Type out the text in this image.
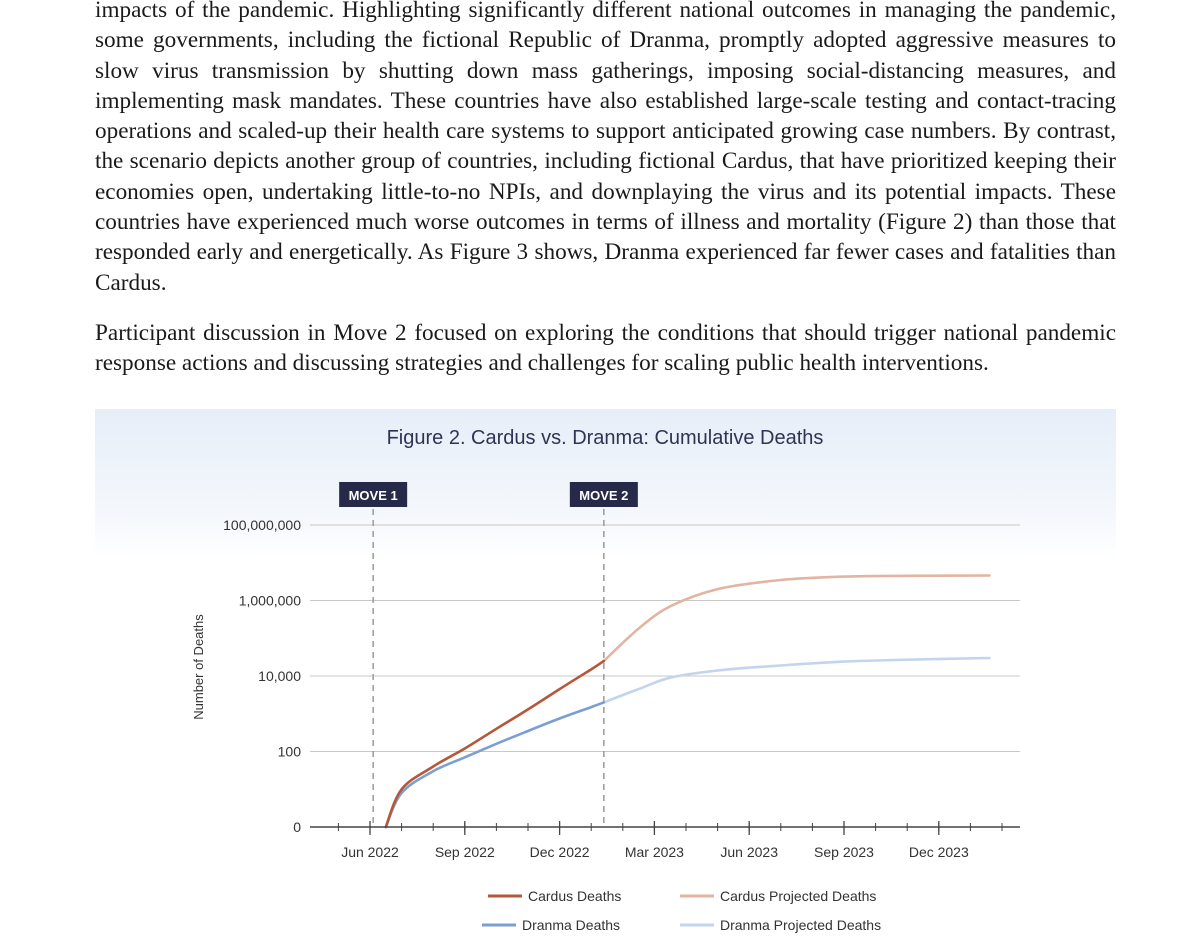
impacts of the pandemic. Highlighting significantly different national outcomes in managing the pandemic, some governments, including the fictional Republic of Dranma, promptly adopted aggressive measures to slow virus transmission by shutting down mass gatherings, imposing social-distancing measures, and implementing mask mandates. These countries have also established large-scale testing and contact-tracing operations and scaled-up their health care systems to support anticipated growing case numbers. By contrast, the scenario depicts another group of countries, including fictional Cardus, that have prioritized keeping their economies open, undertaking little-to-no NPIs, and downplaying the virus and its potential impacts. These countries have experienced much worse outcomes in terms of illness and mortality (Figure 2) than those that responded early and energetically. As Figure 3 shows, Dranma experienced far fewer cases and fatalities than Cardus.

Participant discussion in Move 2 focused on exploring the conditions that should trigger national pandemic response actions and discussing strategies and challenges for scaling public health interventions.

Figure 2. Cardus vs. Dranma: Cumulative Deaths
MOVE 1	MOVE 2
0
100
10,000
1,000,000
100,000,000
Jun 2022	Sep 2022 Dec 2022	Mar 2023	Jun 2023	Sep 2023 Dec 2023
Cardus Deaths	Cardus Projected Deaths
Dranma Deaths	Dranma Projected Deaths
Number of Deaths
